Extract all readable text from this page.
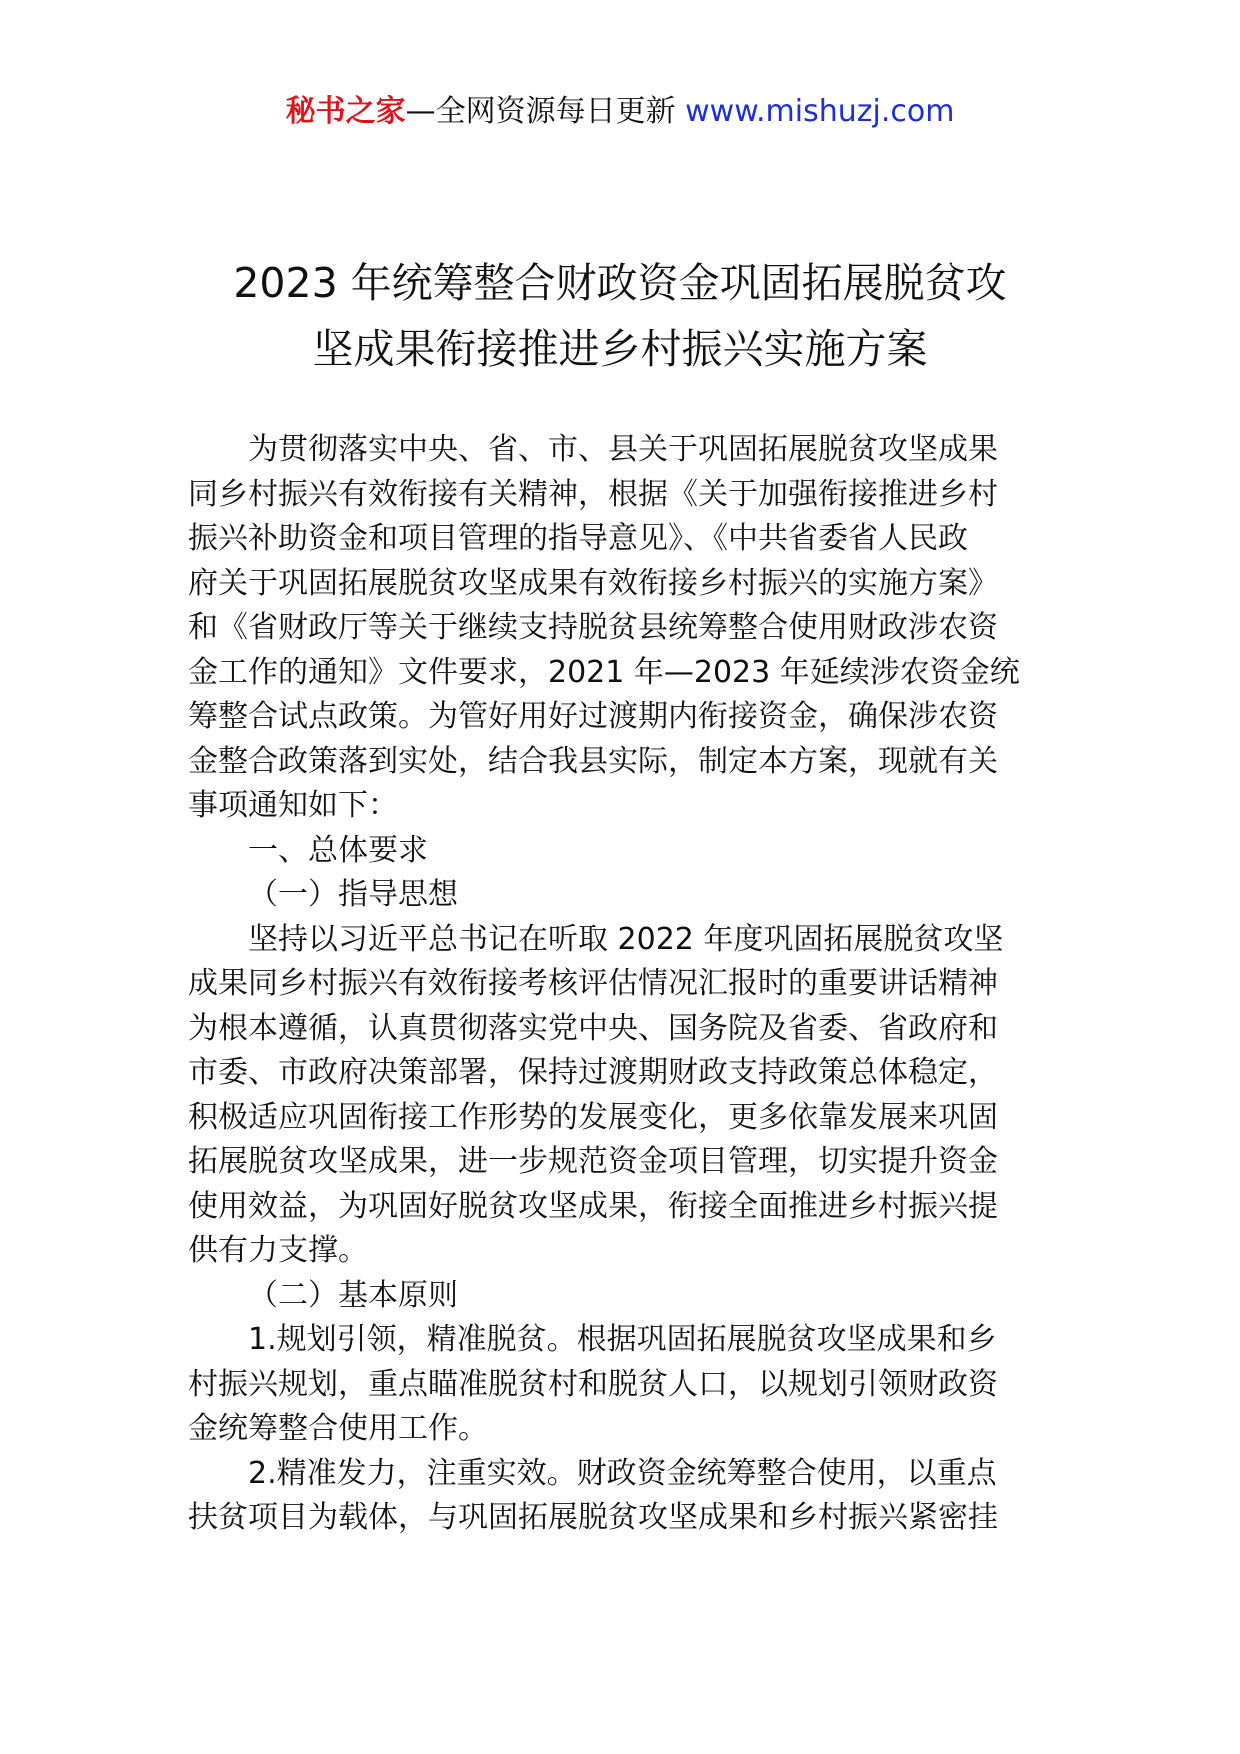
秘书之家—全网资源每日更新 www.mishuzj.com
2023 年统筹整合财政资金巩固拓展脱贫攻
坚成果衔接推进乡村振兴实施方案
为贯彻落实中央、省、市、县关于巩固拓展脱贫攻坚成果
同乡村振兴有效衔接有关精神，根据《关于加强衔接推进乡村
振兴补助资金和项目管理的指导意见》、《中共省委省人民政
府关于巩固拓展脱贫攻坚成果有效衔接乡村振兴的实施方案》
和《省财政厅等关于继续支持脱贫县统筹整合使用财政涉农资
金工作的通知》文件要求，2021 年—2023 年延续涉农资金统
筹整合试点政策。为管好用好过渡期内衔接资金，确保涉农资
金整合政策落到实处，结合我县实际，制定本方案，现就有关
事项通知如下：
一、总体要求
（一）指导思想
坚持以习近平总书记在听取 2022 年度巩固拓展脱贫攻坚
成果同乡村振兴有效衔接考核评估情况汇报时的重要讲话精神
为根本遵循，认真贯彻落实党中央、国务院及省委、省政府和
市委、市政府决策部署，保持过渡期财政支持政策总体稳定，
积极适应巩固衔接工作形势的发展变化，更多依靠发展来巩固
拓展脱贫攻坚成果，进一步规范资金项目管理，切实提升资金
使用效益，为巩固好脱贫攻坚成果，衔接全面推进乡村振兴提
供有力支撑。
（二）基本原则
1.规划引领，精准脱贫。根据巩固拓展脱贫攻坚成果和乡
村振兴规划，重点瞄准脱贫村和脱贫人口，以规划引领财政资
金统筹整合使用工作。
2.精准发力，注重实效。财政资金统筹整合使用，以重点
扶贫项目为载体，与巩固拓展脱贫攻坚成果和乡村振兴紧密挂
